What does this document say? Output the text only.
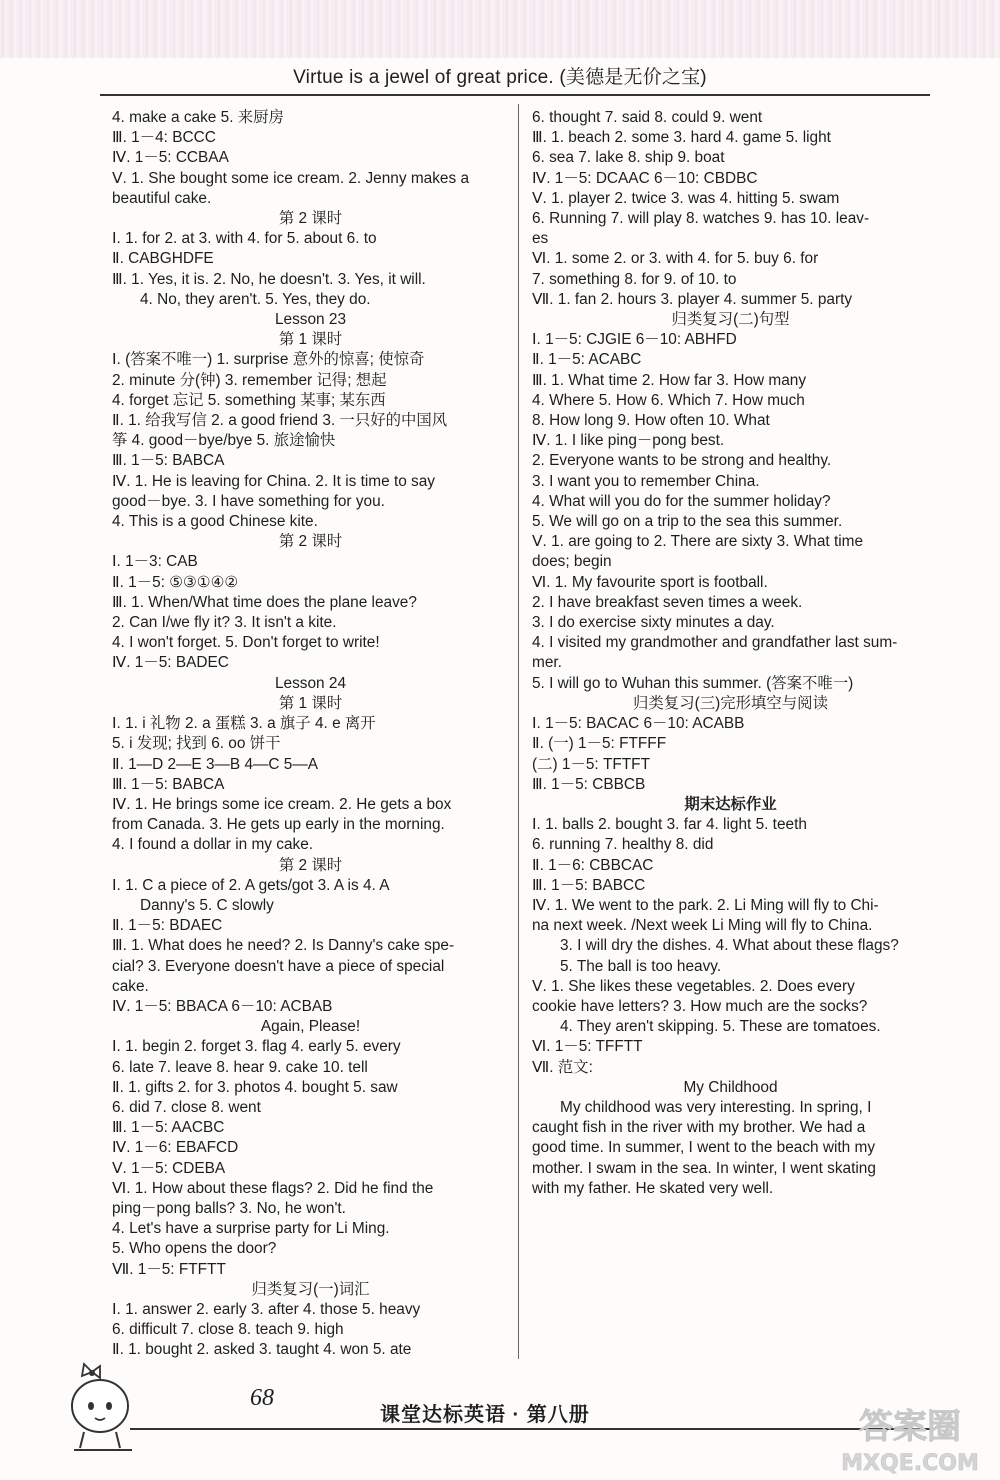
Virtue is a jewel of great price. (美德是无价之宝)
4. make a cake 5. 来厨房
Ⅲ. 1－4: BCCC
Ⅳ. 1－5: CCBAA
Ⅴ. 1. She bought some ice cream. 2. Jenny makes a
beautiful cake.
第 2 课时
Ⅰ. 1. for 2. at 3. with 4. for 5. about 6. to
Ⅱ. CABGHDFE
Ⅲ. 1. Yes, it is. 2. No, he doesn't. 3. Yes, it will.
4. No, they aren't. 5. Yes, they do.
Lesson 23
第 1 课时
Ⅰ. (答案不唯一) 1. surprise 意外的惊喜; 使惊奇
2. minute 分(钟) 3. remember 记得; 想起
4. forget 忘记 5. something 某事; 某东西
Ⅱ. 1. 给我写信 2. a good friend 3. 一只好的中国风
筝 4. good－bye/bye 5. 旅途愉快
Ⅲ. 1－5: BABCA
Ⅳ. 1. He is leaving for China. 2. It is time to say
good－bye. 3. I have something for you.
4. This is a good Chinese kite.
第 2 课时
Ⅰ. 1－3: CAB
Ⅱ. 1－5: ⑤③①④②
Ⅲ. 1. When/What time does the plane leave?
2. Can I/we fly it? 3. It isn't a kite.
4. I won't forget. 5. Don't forget to write!
Ⅳ. 1－5: BADEC
Lesson 24
第 1 课时
Ⅰ. 1. i 礼物 2. a 蛋糕 3. a 旗子 4. e 离开
5. i 发现; 找到 6. oo 饼干
Ⅱ. 1—D 2—E 3—B 4—C 5—A
Ⅲ. 1－5: BABCA
Ⅳ. 1. He brings some ice cream. 2. He gets a box
from Canada. 3. He gets up early in the morning.
4. I found a dollar in my cake.
第 2 课时
Ⅰ. 1. C a piece of 2. A gets/got 3. A is 4. A
Danny's 5. C slowly
Ⅱ. 1－5: BDAEC
Ⅲ. 1. What does he need? 2. Is Danny's cake spe-
cial? 3. Everyone doesn't have a piece of special
cake.
Ⅳ. 1－5: BBACA 6－10: ACBAB
Again, Please!
Ⅰ. 1. begin 2. forget 3. flag 4. early 5. every
6. late 7. leave 8. hear 9. cake 10. tell
Ⅱ. 1. gifts 2. for 3. photos 4. bought 5. saw
6. did 7. close 8. went
Ⅲ. 1－5: AACBC
Ⅳ. 1－6: EBAFCD
Ⅴ. 1－5: CDEBA
Ⅵ. 1. How about these flags? 2. Did he find the
ping－pong balls? 3. No, he won't.
4. Let's have a surprise party for Li Ming.
5. Who opens the door?
Ⅶ. 1－5: FTFTT
归类复习(一)词汇
Ⅰ. 1. answer 2. early 3. after 4. those 5. heavy
6. difficult 7. close 8. teach 9. high
Ⅱ. 1. bought 2. asked 3. taught 4. won 5. ate
6. thought 7. said 8. could 9. went
Ⅲ. 1. beach 2. some 3. hard 4. game 5. light
6. sea 7. lake 8. ship 9. boat
Ⅳ. 1－5: DCAAC 6－10: CBDBC
Ⅴ. 1. player 2. twice 3. was 4. hitting 5. swam
6. Running 7. will play 8. watches 9. has 10. leav-
es
Ⅵ. 1. some 2. or 3. with 4. for 5. buy 6. for
7. something 8. for 9. of 10. to
Ⅶ. 1. fan 2. hours 3. player 4. summer 5. party
归类复习(二)句型
Ⅰ. 1－5: CJGIE 6－10: ABHFD
Ⅱ. 1－5: ACABC
Ⅲ. 1. What time 2. How far 3. How many
4. Where 5. How 6. Which 7. How much
8. How long 9. How often 10. What
Ⅳ. 1. I like ping－pong best.
2. Everyone wants to be strong and healthy.
3. I want you to remember China.
4. What will you do for the summer holiday?
5. We will go on a trip to the sea this summer.
Ⅴ. 1. are going to 2. There are sixty 3. What time
does; begin
Ⅵ. 1. My favourite sport is football.
2. I have breakfast seven times a week.
3. I do exercise sixty minutes a day.
4. I visited my grandmother and grandfather last sum-
mer.
5. I will go to Wuhan this summer. (答案不唯一)
归类复习(三)完形填空与阅读
Ⅰ. 1－5: BACAC 6－10: ACABB
Ⅱ. (一) 1－5: FTFFF
(二) 1－5: TFTFT
Ⅲ. 1－5: CBBCB
期末达标作业
Ⅰ. 1. balls 2. bought 3. far 4. light 5. teeth
6. running 7. healthy 8. did
Ⅱ. 1－6: CBBCAC
Ⅲ. 1－5: BABCC
Ⅳ. 1. We went to the park. 2. Li Ming will fly to Chi-
na next week. /Next week Li Ming will fly to China.
3. I will dry the dishes. 4. What about these flags?
5. The ball is too heavy.
Ⅴ. 1. She likes these vegetables. 2. Does every
cookie have letters? 3. How much are the socks?
4. They aren't skipping. 5. These are tomatoes.
Ⅵ. 1－5: TFFTT
Ⅶ. 范文:
My Childhood
My childhood was very interesting. In spring, I
caught fish in the river with my brother. We had a
good time. In summer, I went to the beach with my
mother. I swam in the sea. In winter, I went skating
with my father. He skated very well.
68
课堂达标英语 · 第八册	答案圈
MXQE.COM
